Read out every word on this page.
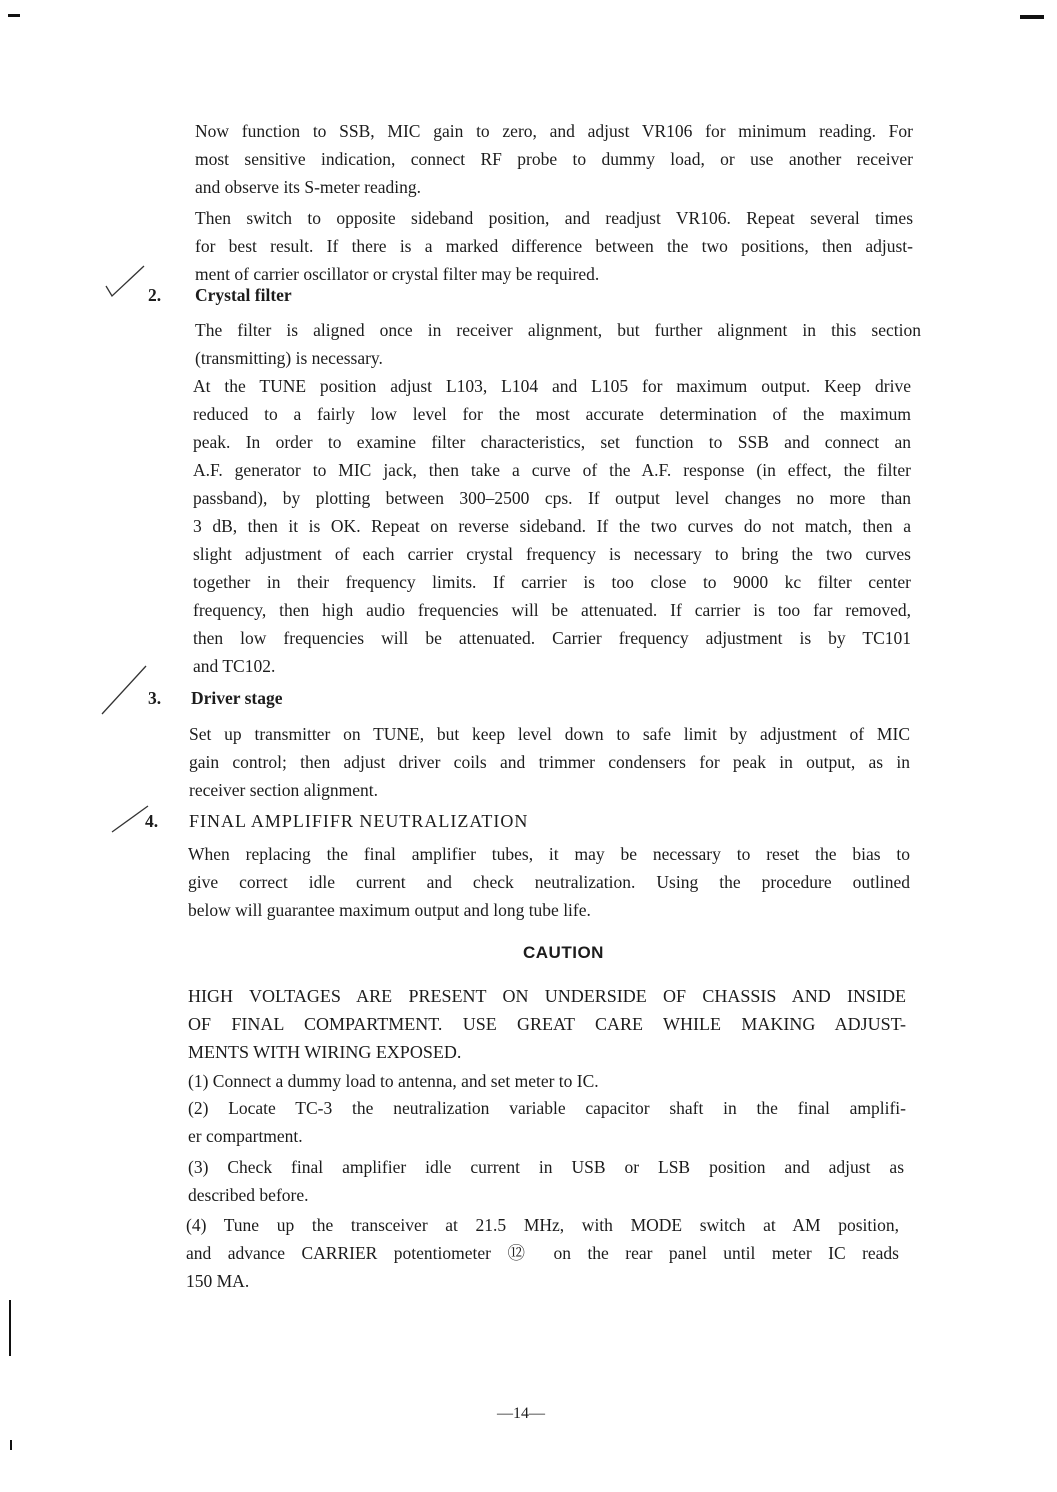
Now function to SSB, MIC gain to zero, and adjust VR106 for minimum reading. For
most sensitive indication, connect RF probe to dummy load, or use another receiver
and observe its S-meter reading.
Then switch to opposite sideband position, and readjust VR106. Repeat several times
for best result. If there is a marked difference between the two positions, then adjust-
ment of carrier oscillator or crystal filter may be required.
2. Crystal filter
The filter is aligned once in receiver alignment, but further alignment in this section
(transmitting) is necessary.
At the TUNE position adjust L103, L104 and L105 for maximum output. Keep drive
reduced to a fairly low level for the most accurate determination of the maximum
peak. In order to examine filter characteristics, set function to SSB and connect an
A.F. generator to MIC jack, then take a curve of the A.F. response (in effect, the filter
passband), by plotting between 300–2500 cps. If output level changes no more than
3 dB, then it is OK. Repeat on reverse sideband. If the two curves do not match, then a
slight adjustment of each carrier crystal frequency is necessary to bring the two curves
together in their frequency limits. If carrier is too close to 9000 kc filter center
frequency, then high audio frequencies will be attenuated. If carrier is too far removed,
then low frequencies will be attenuated. Carrier frequency adjustment is by TC101
and TC102.
3. Driver stage
Set up transmitter on TUNE, but keep level down to safe limit by adjustment of MIC
gain control; then adjust driver coils and trimmer condensers for peak in output, as in
receiver section alignment.
4. FINAL AMPLIFIFR NEUTRALIZATION
When replacing the final amplifier tubes, it may be necessary to reset the bias to
give correct idle current and check neutralization. Using the procedure outlined
below will guarantee maximum output and long tube life.
CAUTION
HIGH VOLTAGES ARE PRESENT ON UNDERSIDE OF CHASSIS AND INSIDE
OF FINAL COMPARTMENT. USE GREAT CARE WHILE MAKING ADJUST-
MENTS WITH WIRING EXPOSED.
(1) Connect a dummy load to antenna, and set meter to IC.
(2) Locate TC-3 the neutralization variable capacitor shaft in the final amplifi-
er compartment.
(3) Check final amplifier idle current in USB or LSB position and adjust as
described before.
(4) Tune up the transceiver at 21.5 MHz, with MODE switch at AM position,
and advance CARRIER potentiometer ⑫ on the rear panel until meter IC reads
150 MA.
—14—
